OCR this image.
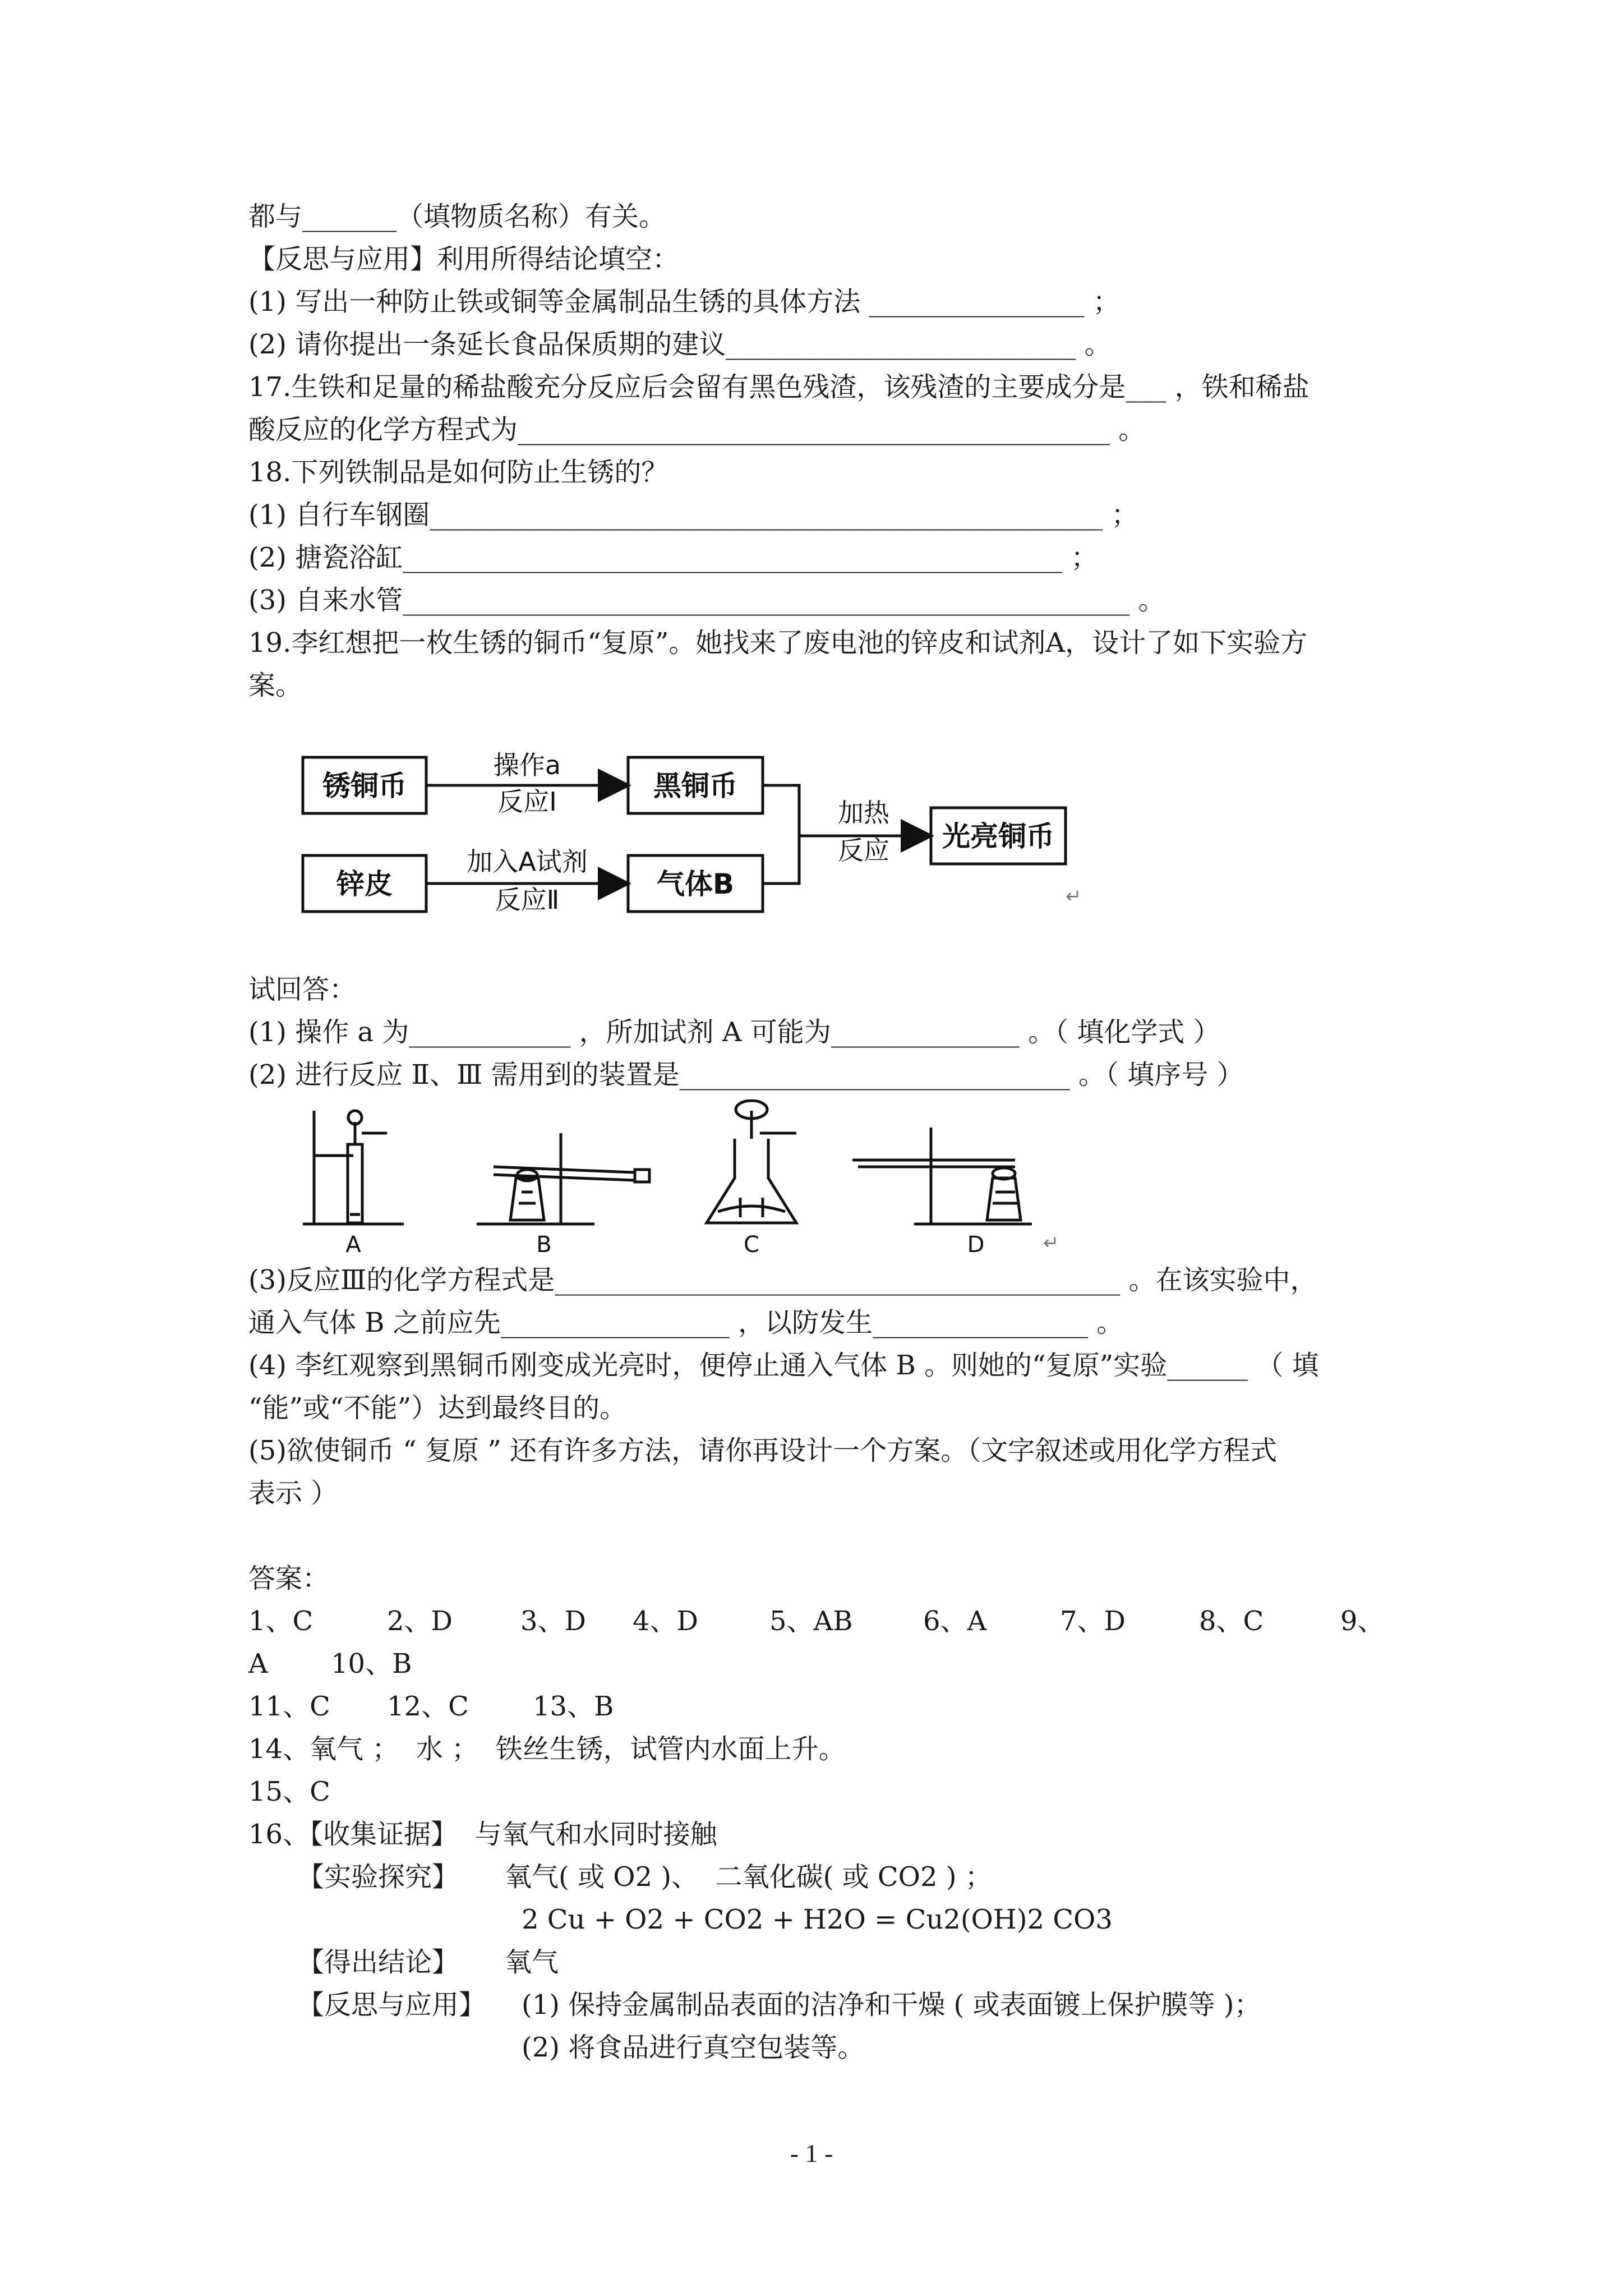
都与_______（填物质名称）有关。
【反思与应用】利用所得结论填空：
(1) 写出一种防止铁或铜等金属制品生锈的具体方法 ________________ ；
(2) 请你提出一条延长食品保质期的建议__________________________ 。
17.生铁和足量的稀盐酸充分反应后会留有黑色残渣，该残渣的主要成分是___ ，铁和稀盐
酸反应的化学方程式为____________________________________________ 。
18.下列铁制品是如何防止生锈的？
(1) 自行车钢圈__________________________________________________ ；
(2) 搪瓷浴缸_________________________________________________ ；
(3) 自来水管______________________________________________________ 。
19.李红想把一枚生锈的铜币“复原”。她找来了废电池的锌皮和试剂A，设计了如下实验方
案。
锈铜币	黑铜币
锌皮	气体B
光亮铜币
操作a
反应Ⅰ
加入A试剂
反应Ⅱ
加热
反应
↵
试回答：
(1) 操作 a 为____________ ，所加试剂 A 可能为______________ 。（ 填化学式 ）
(2) 进行反应 Ⅱ、Ⅲ 需用到的装置是_____________________________ 。（ 填序号 ）
A	B	C	D	↵
(3)反应Ⅲ的化学方程式是__________________________________________ 。在该实验中，
通入气体 B 之前应先_________________ ，以防发生________________ 。
(4) 李红观察到黑铜币刚变成光亮时，便停止通入气体 B 。则她的“复原”实验______ （ 填
“能”或“不能”）达到最终目的。
(5)欲使铜币 “ 复原 ” 还有许多方法，请你再设计一个方案。（文字叙述或用化学方程式
表示 ）
答案：
1、C	2、D	3、D 4、D	5、AB	6、A	7、D	8、C	9、
A 10、B
11、C 12、C 13、B
14、氧气 ；  水 ；  铁丝生锈，试管内水面上升。
15、C
16、【收集证据】  与氧气和水同时接触
【实验探究】 氧气( 或 O2 )、  二氧化碳( 或 CO2 ) ；
2 Cu + O2 + CO2 + H2O = Cu2(OH)2 CO3
【得出结论】 氧气
【反思与应用】 (1) 保持金属制品表面的洁净和干燥 ( 或表面镀上保护膜等 )；
(2) 将食品进行真空包装等。
- 1 -
